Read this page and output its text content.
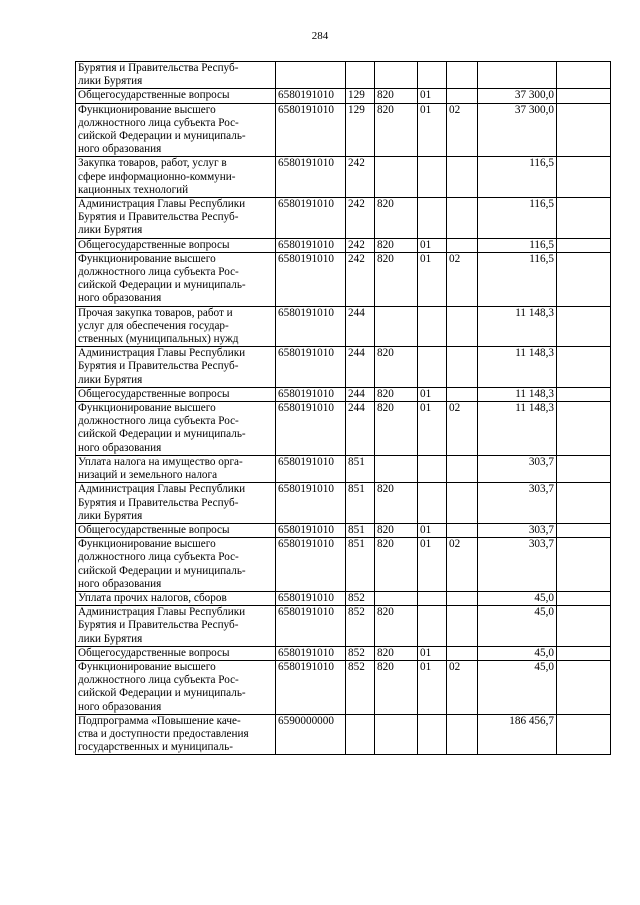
284
Бурятия и Правительства Респуб-
лики Бурятия							
Общегосударственные вопросы	6580191010	129	820	01		37 300,0	
Функционирование высшего
должностного лица субъекта Рос-
сийской Федерации и муниципаль-
ного образования	6580191010	129	820	01	02	37 300,0	
Закупка товаров, работ, услуг в
сфере информационно-коммуни-
кационных технологий	6580191010	242				116,5	
Администрация Главы Республики
Бурятия и Правительства Респуб-
лики Бурятия	6580191010	242	820			116,5	
Общегосударственные вопросы	6580191010	242	820	01		116,5	
Функционирование высшего
должностного лица субъекта Рос-
сийской Федерации и муниципаль-
ного образования	6580191010	242	820	01	02	116,5	
Прочая закупка товаров, работ и
услуг для обеспечения государ-
ственных (муниципальных) нужд	6580191010	244				11 148,3	
Администрация Главы Республики
Бурятия и Правительства Респуб-
лики Бурятия	6580191010	244	820			11 148,3	
Общегосударственные вопросы	6580191010	244	820	01		11 148,3	
Функционирование высшего
должностного лица субъекта Рос-
сийской Федерации и муниципаль-
ного образования	6580191010	244	820	01	02	11 148,3	
Уплата налога на имущество орга-
низаций и земельного налога	6580191010	851				303,7	
Администрация Главы Республики
Бурятия и Правительства Респуб-
лики Бурятия	6580191010	851	820			303,7	
Общегосударственные вопросы	6580191010	851	820	01		303,7	
Функционирование высшего
должностного лица субъекта Рос-
сийской Федерации и муниципаль-
ного образования	6580191010	851	820	01	02	303,7	
Уплата прочих налогов, сборов	6580191010	852				45,0	
Администрация Главы Республики
Бурятия и Правительства Респуб-
лики Бурятия	6580191010	852	820			45,0	
Общегосударственные вопросы	6580191010	852	820	01		45,0	
Функционирование высшего
должностного лица субъекта Рос-
сийской Федерации и муниципаль-
ного образования	6580191010	852	820	01	02	45,0	
Подпрограмма «Повышение каче-
ства и доступности предоставления
государственных и муниципаль-	6590000000					186 456,7	
